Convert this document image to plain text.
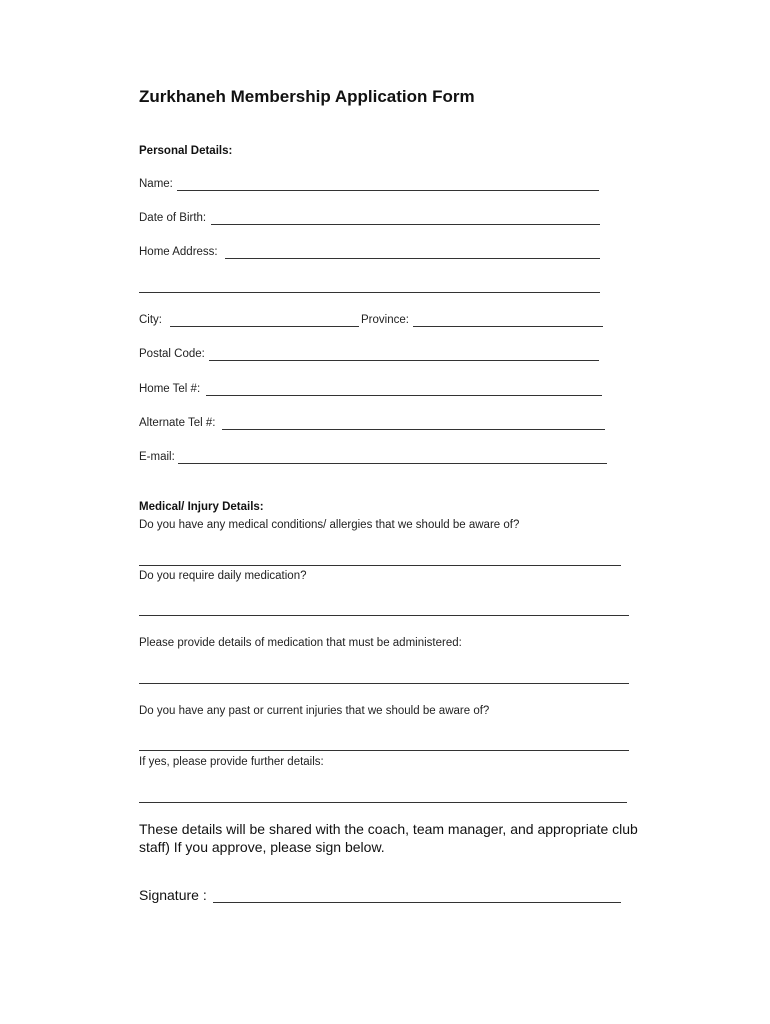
Zurkhaneh Membership Application Form
Personal Details:
Name:
Date of Birth:
Home Address:
City:	Province:
Postal Code:
Home Tel #:
Alternate Tel #:
E-mail:
Medical/ Injury Details:
Do you have any medical conditions/ allergies that we should be aware of?
Do you require daily medication?
Please provide details of medication that must be administered:
Do you have any past or current injuries that we should be aware of?
If yes, please provide further details:
These details will be shared with the coach, team manager, and appropriate club staff) If you approve, please sign below.
Signature :
